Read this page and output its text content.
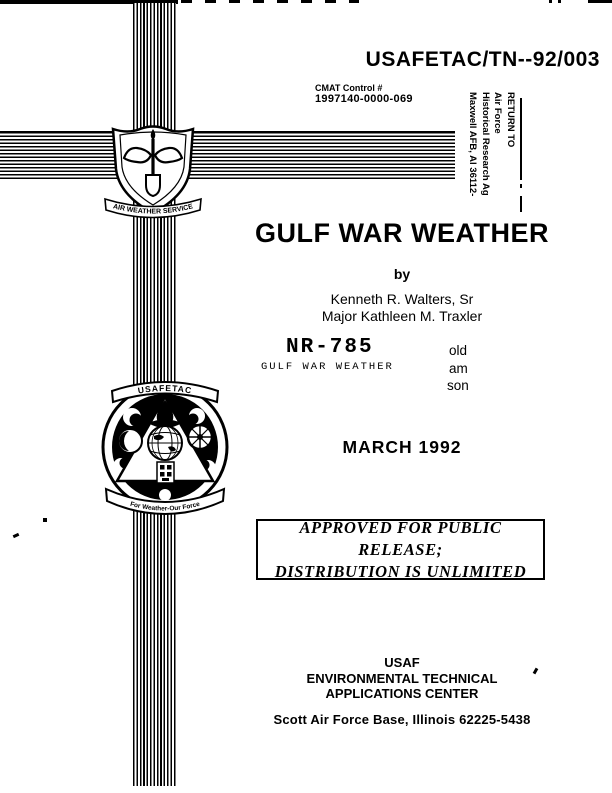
AIR WEATHER SERVICE
USAFETAC
For Weather-Our Force
USAFETAC/TN--92/003
CMAT Control #
1997140-0000-069	RETURN TO
Air Force
Historical Research Ag
Maxwell AFB, Al 36112-
GULF WAR WEATHER
by
Kenneth R. Walters, Sr
Major Kathleen M. Traxler
NR-785
GULF WAR WEATHER
old
am
son
MARCH 1992
APPROVED FOR PUBLIC RELEASE;
DISTRIBUTION IS UNLIMITED
USAF
ENVIRONMENTAL TECHNICAL
APPLICATIONS CENTER
Scott Air Force Base, Illinois 62225-5438
